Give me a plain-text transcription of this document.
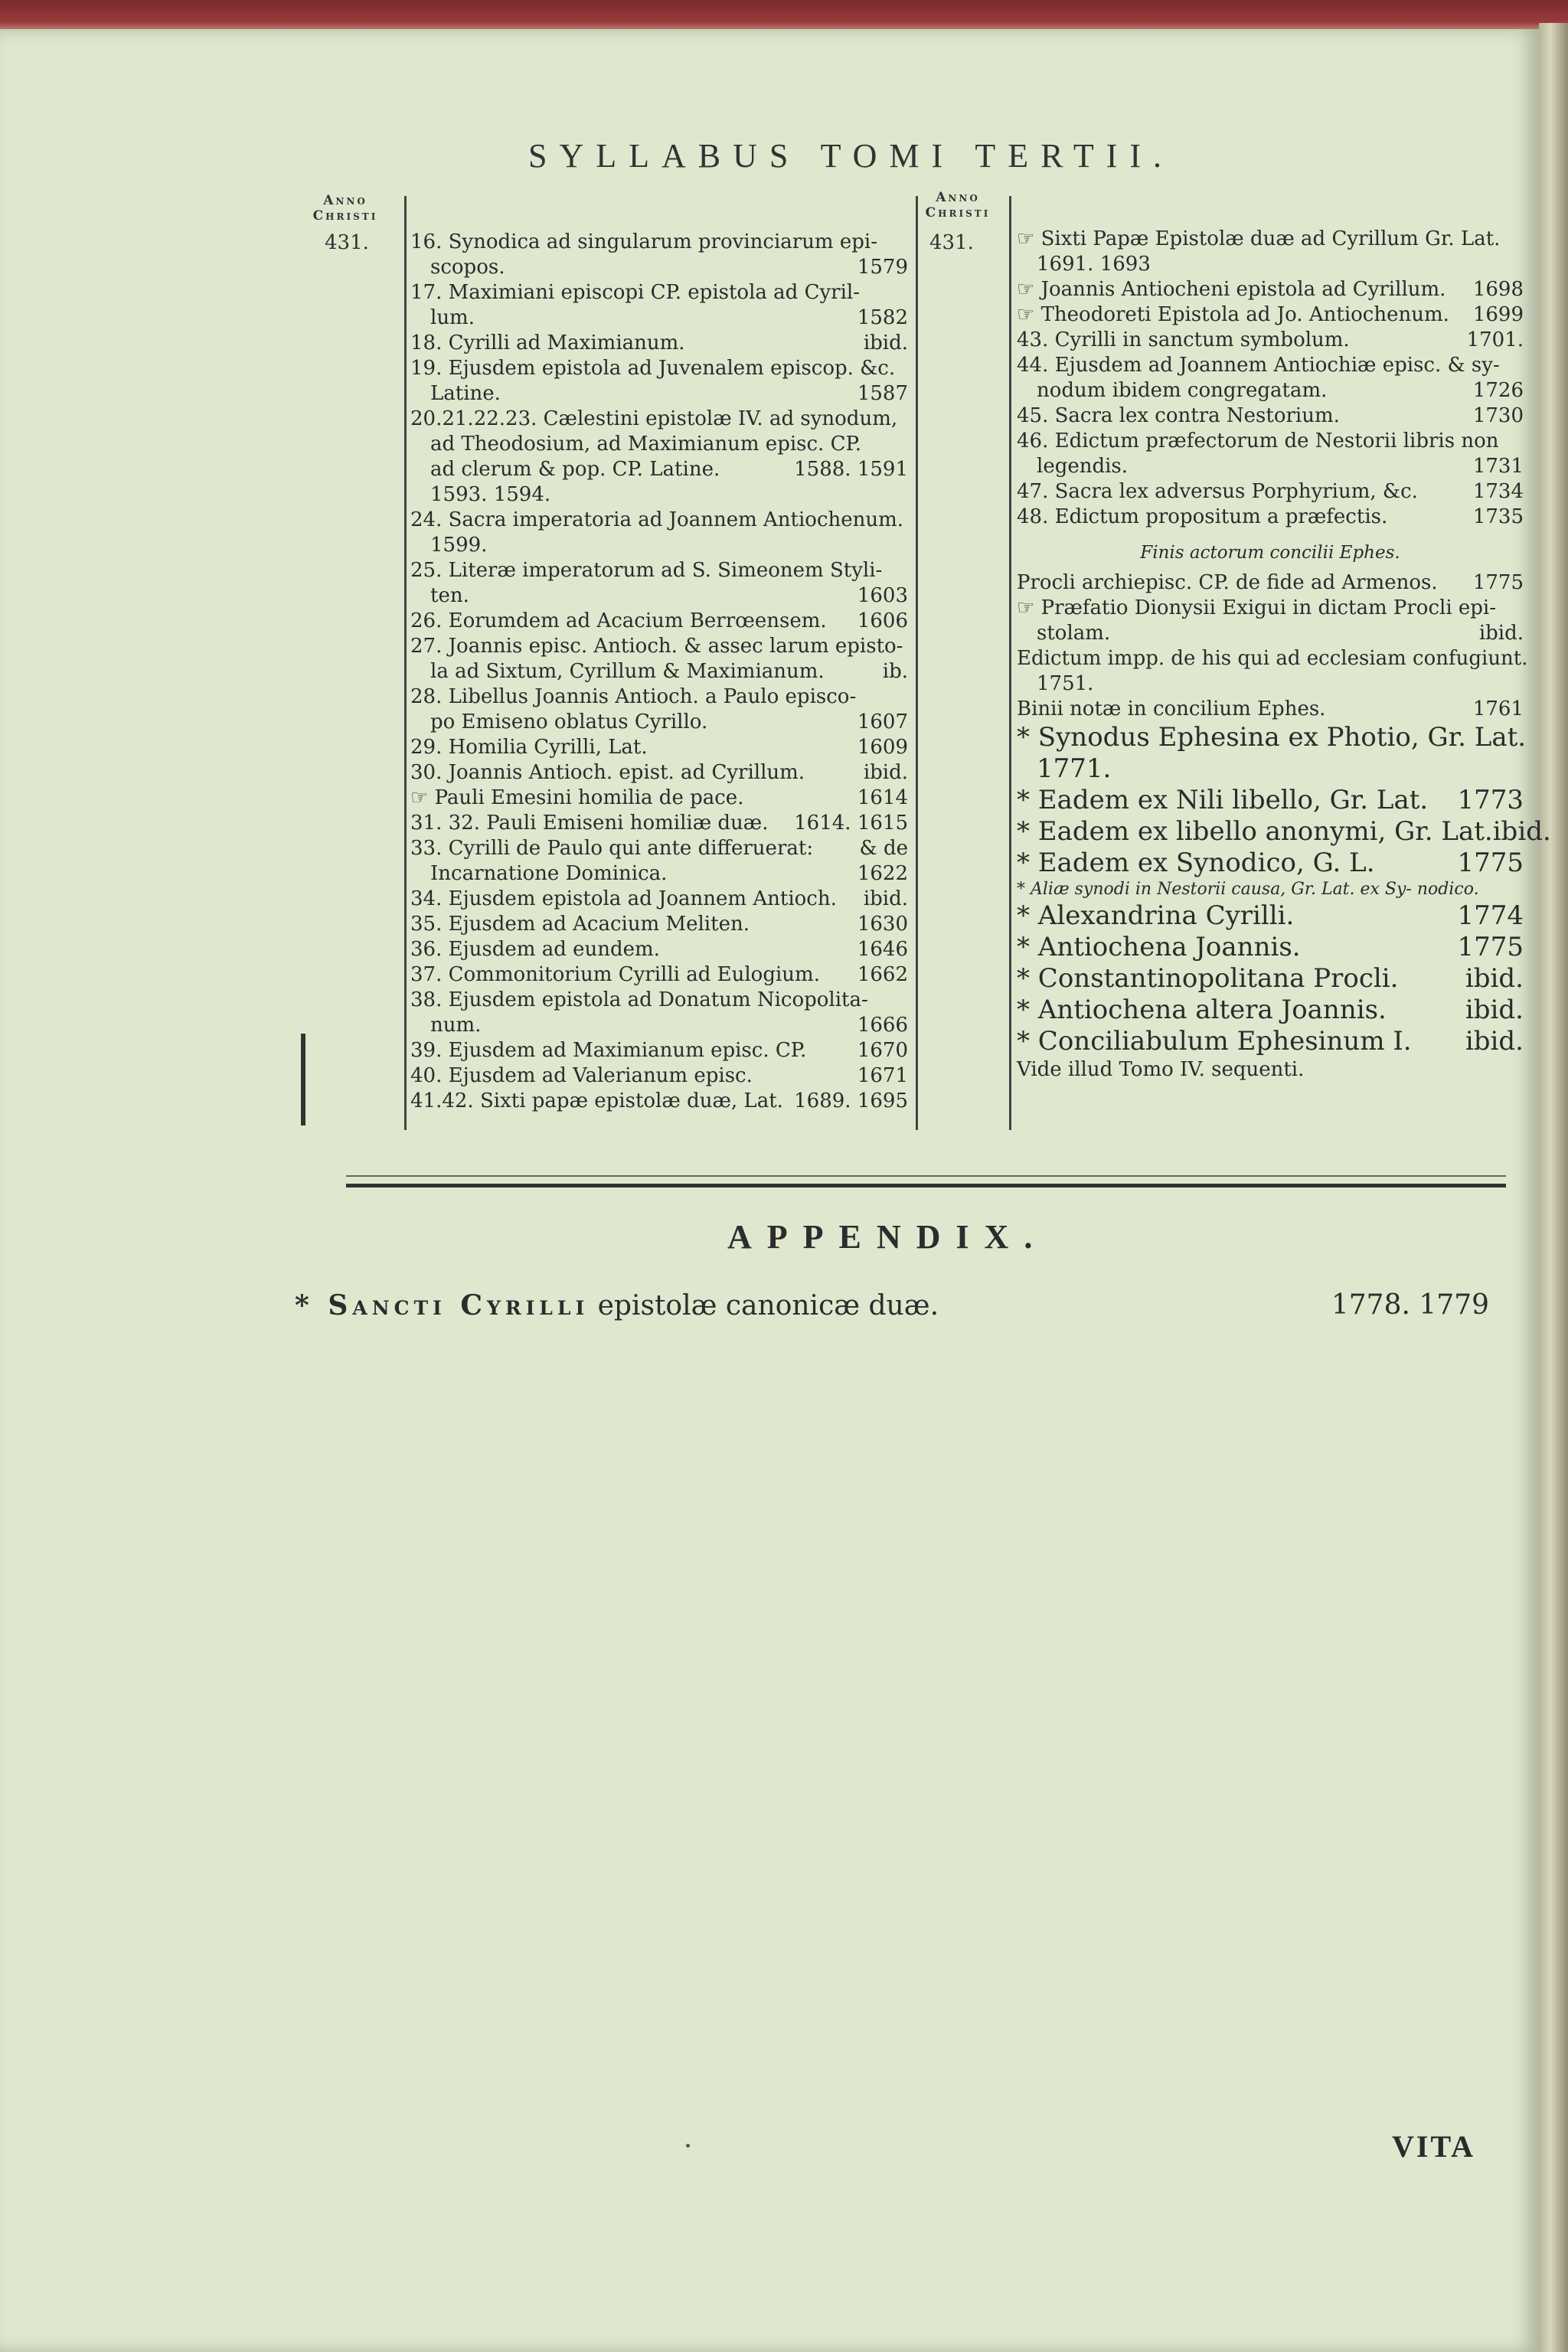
SYLLABUS TOMI TERTII.
Anno
Christi
431.
Anno
Christi
431.
16. Synodica ad singularum provinciarum epi-
scopos.	1579
17. Maximiani episcopi CP. epistola ad Cyril-
lum.	1582
18. Cyrilli ad Maximianum.	ibid.
19. Ejusdem epistola ad Juvenalem episcop. &c.
Latine.	1587
20.21.22.23. Cælestini epistolæ IV. ad synodum,
ad Theodosium, ad Maximianum episc. CP.
ad clerum & pop. CP. Latine.	1588. 1591
1593. 1594.
24. Sacra imperatoria ad Joannem Antiochenum.
1599.
25. Literæ imperatorum ad S. Simeonem Styli-
ten.	1603
26. Eorumdem ad Acacium Berrœensem. 1606
27. Joannis episc. Antioch. & assec larum episto-
la ad Sixtum, Cyrillum & Maximianum.	ib.
28. Libellus Joannis Antioch. a Paulo episco-
po Emiseno oblatus Cyrillo.	1607
29. Homilia Cyrilli, Lat.	1609
30. Joannis Antioch. epist. ad Cyrillum.	ibid.
☞ Pauli Emesini homilia de pace.	1614
31. 32. Pauli Emiseni homiliæ duæ. 1614. 1615
33. Cyrilli de Paulo qui ante differuerat: & de
Incarnatione Dominica.	1622
34. Ejusdem epistola ad Joannem Antioch. ibid.
35. Ejusdem ad Acacium Meliten.	1630
36. Ejusdem ad eundem.	1646
37. Commonitorium Cyrilli ad Eulogium. 1662
38. Ejusdem epistola ad Donatum Nicopolita-
num.	1666
39. Ejusdem ad Maximianum episc. CP.	1670
40. Ejusdem ad Valerianum episc.	1671
41.42. Sixti papæ epistolæ duæ, Lat. 1689. 1695
☞ Sixti Papæ Epistolæ duæ ad Cyrillum Gr. Lat.
1691. 1693
☞ Joannis Antiocheni epistola ad Cyrillum. 1698
☞ Theodoreti Epistola ad Jo. Antiochenum. 1699
43. Cyrilli in sanctum symbolum.	1701.
44. Ejusdem ad Joannem Antiochiæ episc. & sy-
nodum ibidem congregatam.	1726
45. Sacra lex contra Nestorium.	1730
46. Edictum præfectorum de Nestorii libris non
legendis.	1731
47. Sacra lex adversus Porphyrium, &c.	1734
48. Edictum propositum a præfectis.	1735
Finis actorum concilii Ephes.
Procli archiepisc. CP. de fide ad Armenos. 1775
☞ Præfatio Dionysii Exigui in dictam Procli epi-
stolam.	ibid.
Edictum impp. de his qui ad ecclesiam confugiunt.
1751.
Binii notæ in concilium Ephes.	1761
* Synodus Ephesina ex Photio, Gr. Lat.
1771.
* Eadem ex Nili libello, Gr. Lat. 1773
* Eadem ex libello anonymi, Gr. Lat. ibid.
* Eadem ex Synodico, G. L.	1775
* Aliæ synodi in Nestorii causa, Gr. Lat. ex Sy- nodico.
* Alexandrina Cyrilli.	1774
* Antiochena Joannis.	1775
* Constantinopolitana Procli.	ibid.
* Antiochena altera Joannis.	ibid.
* Conciliabulum Ephesinum I. ibid.
Vide illud Tomo IV. sequenti.
APPENDIX.
* Sancti Cyrilli epistolæ canonicæ duæ.	1778. 1779
VITA
